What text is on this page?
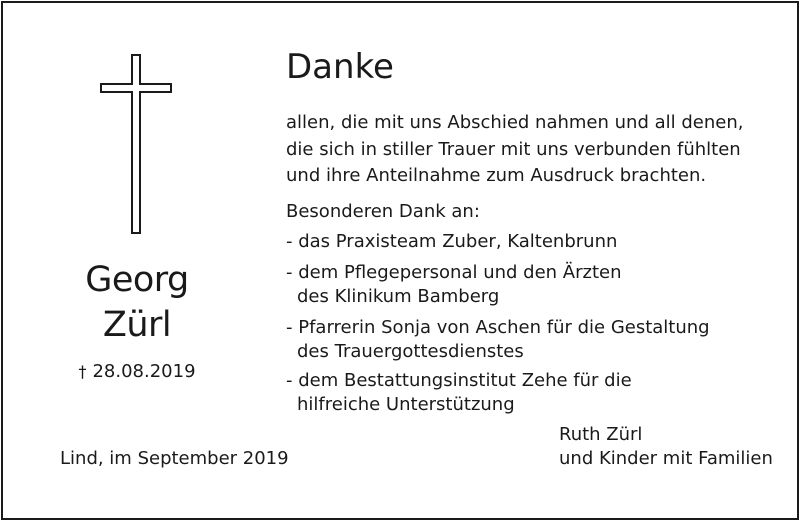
Georg
Zürl
† 28.08.2019
Lind, im September 2019
Danke
allen, die mit uns Abschied nahmen und all denen,
die sich in stiller Trauer mit uns verbunden fühlten
und ihre Anteilnahme zum Ausdruck brachten.
Besonderen Dank an:
- das Praxisteam Zuber, Kaltenbrunn
- dem Pflegepersonal und den Ärzten
des Klinikum Bamberg
- Pfarrerin Sonja von Aschen für die Gestaltung
des Trauergottesdienstes
- dem Bestattungsinstitut Zehe für die
hilfreiche Unterstützung
Ruth Zürl
und Kinder mit Familien
